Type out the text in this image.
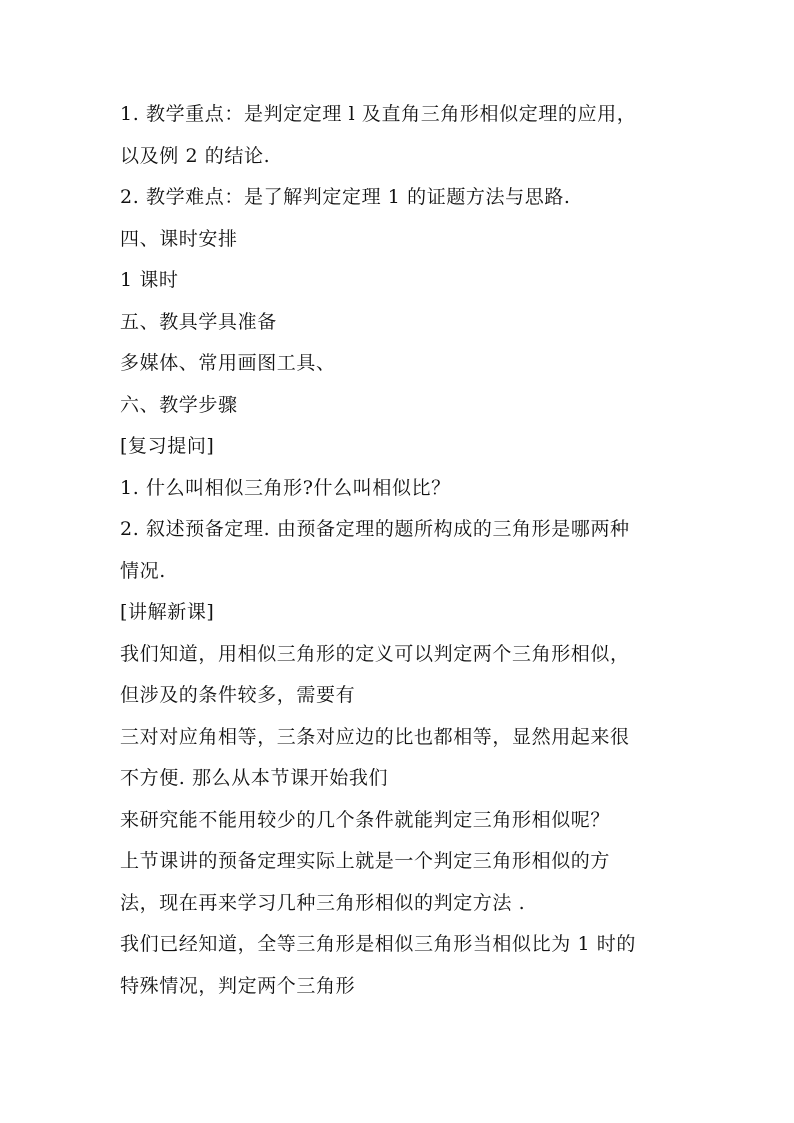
1. 教学重点：是判定定理 l 及直角三角形相似定理的应用，
以及例 2 的结论.
2. 教学难点：是了解判定定理 1 的证题方法与思路.
四、课时安排
1 课时
五、教具学具准备
多媒体、常用画图工具、
六、教学步骤
[复习提问]
1. 什么叫相似三角形?什么叫相似比？
2. 叙述预备定理. 由预备定理的题所构成的三角形是哪两种
情况.
[讲解新课]
我们知道，用相似三角形的定义可以判定两个三角形相似，
但涉及的条件较多，需要有
三对对应角相等，三条对应边的比也都相等，显然用起来很
不方便. 那么从本节课开始我们
来研究能不能用较少的几个条件就能判定三角形相似呢？
上节课讲的预备定理实际上就是一个判定三角形相似的方
法，现在再来学习几种三角形相似的判定方法 .
我们已经知道，全等三角形是相似三角形当相似比为 1 时的
特殊情况，判定两个三角形
